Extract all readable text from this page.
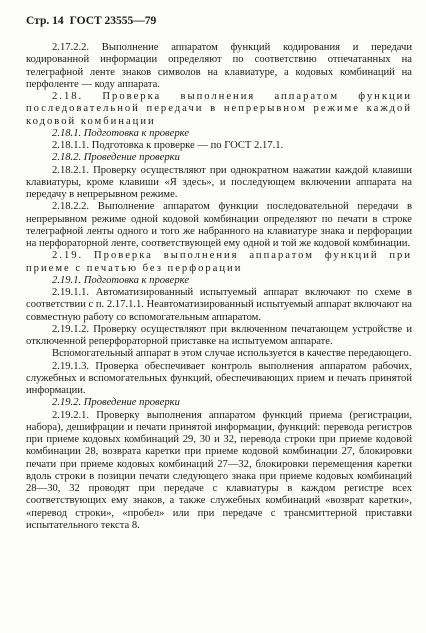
Стр. 14 ГОСТ 23555—79

2.17.2.2. Выполнение аппаратом функций кодирования и передачи кодированной информации определяют по соответствию отпечатанных на телеграфной ленте знаков символов на клавиатуре, а кодовых комбинаций на перфоленте — коду аппарата.

2.18. Проверка выполнения аппаратом функции последовательной передачи в непрерывном режиме каждой кодовой комбинации

2.18.1. Подготовка к проверке

2.18.1.1. Подготовка к проверке — по ГОСТ 2.17.1.

2.18.2. Проведение проверки

2.18.2.1. Проверку осуществляют при однократном нажатии каждой клавиши клавиатуры, кроме клавиши «Я здесь», и последующем включении аппарата на передачу в непрерывном режиме.

2.18.2.2. Выполнение аппаратом функции последовательной передачи в непрерывном режиме одной кодовой комбинации определяют по печати в строке телеграфной ленты одного и того же набранного на клавиатуре знака и перфорации на перфораторной ленте, соответствующей ему одной и той же кодовой комбинации.

2.19. Проверка выполнения аппаратом функций при приеме с печатью без перфорации

2.19.1. Подготовка к проверке

2.19.1.1. Автоматизированный испытуемый аппарат включают по схеме в соответствии с п. 2.17.1.1. Неавтоматизированный испытуемый аппарат включают на совместную работу со вспомогательным аппаратом.

2.19.1.2. Проверку осуществляют при включенном печатающем устройстве и отключенной реперфораторной приставке на испытуемом аппарате.

Вспомогательный аппарат в этом случае используется в качестве передающего.

2.19.1.3. Проверка обеспечивает контроль выполнения аппаратом рабочих, служебных и вспомогательных функций, обеспечивающих прием и печать принятой информации.

2.19.2. Проведение проверки

2.19.2.1. Проверку выполнения аппаратом функций приема (регистрации, набора), дешифрации и печати принятой информации, функций: перевода регистров при приеме кодовых комбинаций 29, 30 и 32, перевода строки при приеме кодовой комбинации 28, возврата каретки при приеме кодовой комбинации 27, блокировки печати при приеме кодовых комбинаций 27—32, блокировки перемещения каретки вдоль строки в позиции печати следующего знака при приеме кодовых комбинаций 28—30, 32 проводят при передаче с клавиатуры в каждом регистре всех соответствующих ему знаков, а также служебных комбинаций «возврат каретки», «перевод строки», «пробел» или при передаче с трансмиттерной приставки испытательного текста 8.
